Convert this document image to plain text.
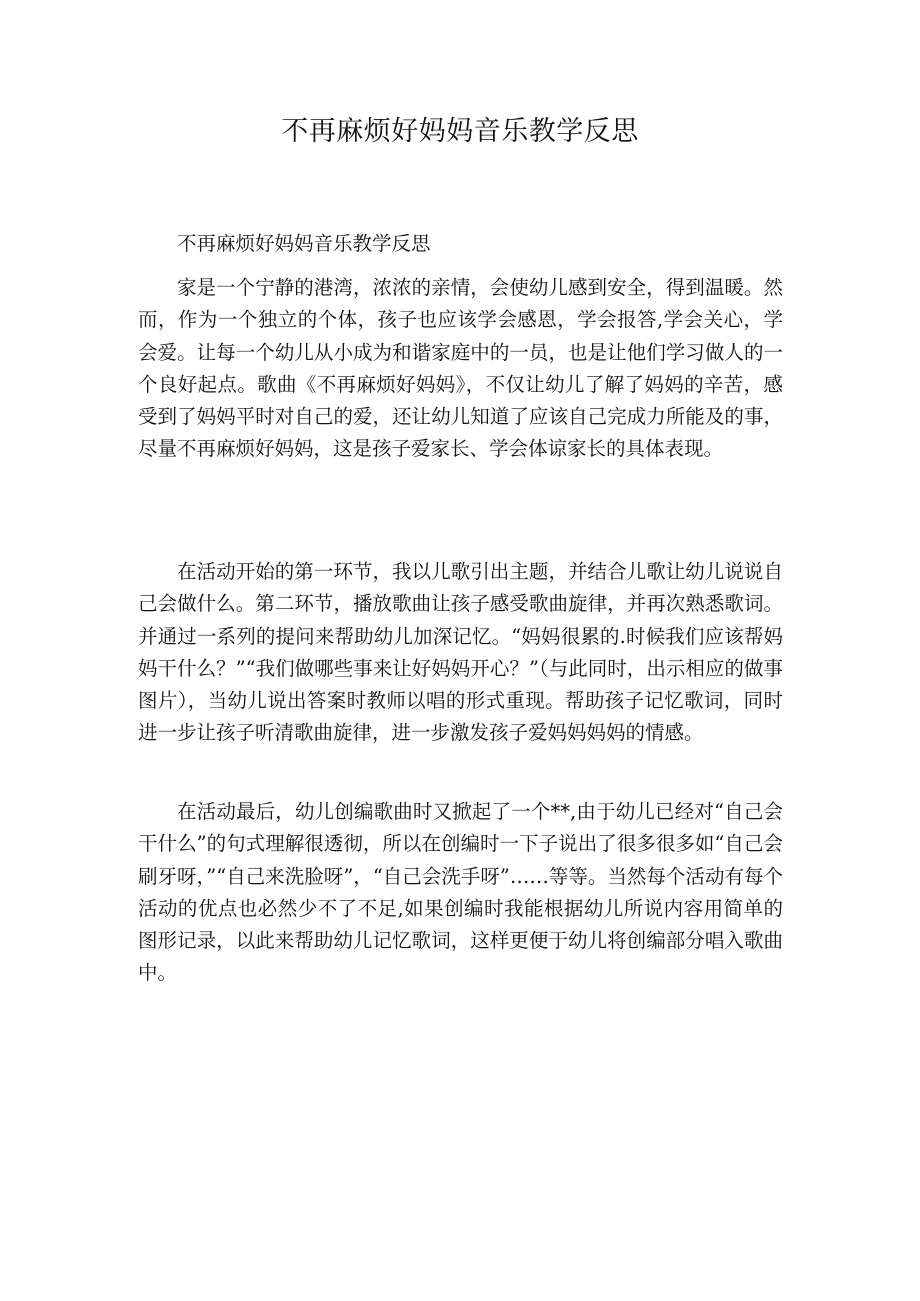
不再麻烦好妈妈音乐教学反思
不再麻烦好妈妈音乐教学反思
家是一个宁静的港湾，浓浓的亲情，会使幼儿感到安全，得到温暖。然而，作为一个独立的个体，孩子也应该学会感恩，学会报答,学会关心，学会爱。让每一个幼儿从小成为和谐家庭中的一员，也是让他们学习做人的一个良好起点。歌曲《不再麻烦好妈妈》，不仅让幼儿了解了妈妈的辛苦，感受到了妈妈平时对自己的爱，还让幼儿知道了应该自己完成力所能及的事，尽量不再麻烦好妈妈，这是孩子爱家长、学会体谅家长的具体表现。
在活动开始的第一环节，我以儿歌引出主题，并结合儿歌让幼儿说说自己会做什么。第二环节，播放歌曲让孩子感受歌曲旋律，并再次熟悉歌词。并通过一系列的提问来帮助幼儿加深记忆。“妈妈很累的.时候我们应该帮妈妈干什么？”“我们做哪些事来让好妈妈开心？”（与此同时，出示相应的做事图片），当幼儿说出答案时教师以唱的形式重现。帮助孩子记忆歌词，同时进一步让孩子听清歌曲旋律，进一步激发孩子爱妈妈妈妈的情感。
在活动最后，幼儿创编歌曲时又掀起了一个**,由于幼儿已经对“自己会干什么”的句式理解很透彻，所以在创编时一下子说出了很多很多如“自己会刷牙呀，”“自己来洗脸呀”，“自己会洗手呀”……等等。当然每个活动有每个活动的优点也必然少不了不足,如果创编时我能根据幼儿所说内容用简单的图形记录，以此来帮助幼儿记忆歌词，这样更便于幼儿将创编部分唱入歌曲中。
